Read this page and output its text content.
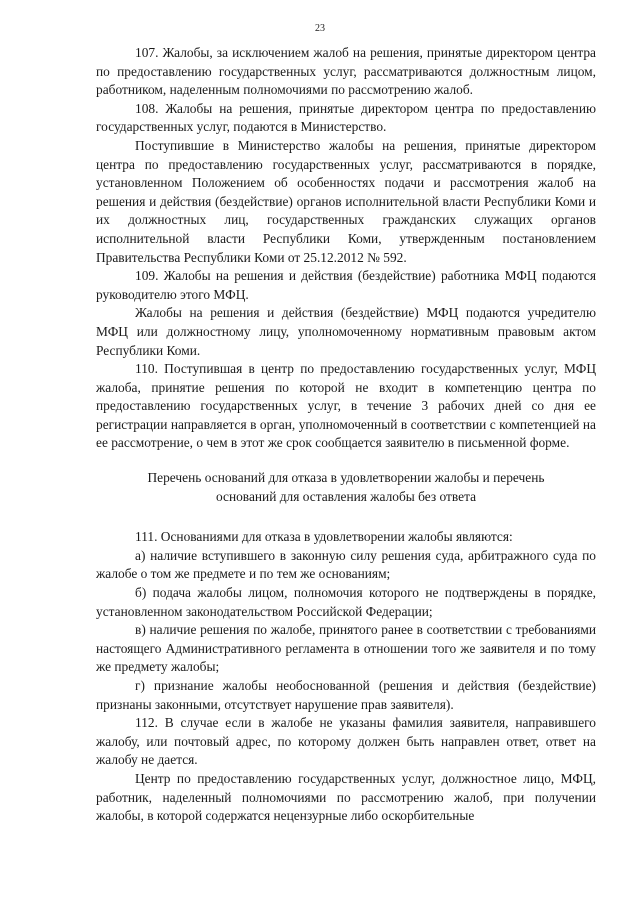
23

107. Жалобы, за исключением жалоб на решения, принятые директором центра по предоставлению государственных услуг, рассматриваются должностным лицом, работником, наделенным полномочиями по рассмотрению жалоб.

108. Жалобы на решения, принятые директором центра по предоставлению государственных услуг, подаются в Министерство.

Поступившие в Министерство жалобы на решения, принятые директором центра по предоставлению государственных услуг, рассматриваются в порядке, установленном Положением об особенностях подачи и рассмотрения жалоб на решения и действия (бездействие) органов исполнительной власти Республики Коми и их должностных лиц, государственных гражданских служащих органов исполнительной власти Республики Коми, утвержденным постановлением Правительства Республики Коми от 25.12.2012 № 592.

109. Жалобы на решения и действия (бездействие) работника МФЦ подаются руководителю этого МФЦ.

Жалобы на решения и действия (бездействие) МФЦ подаются учредителю МФЦ или должностному лицу, уполномоченному нормативным правовым актом Республики Коми.

110. Поступившая в центр по предоставлению государственных услуг, МФЦ жалоба, принятие решения по которой не входит в компетенцию центра по предоставлению государственных услуг, в течение 3 рабочих дней со дня ее регистрации направляется в орган, уполномоченный в соответствии с компетенцией на ее рассмотрение, о чем в этот же срок сообщается заявителю в письменной форме.

Перечень оснований для отказа в удовлетворении жалобы и перечень
оснований для оставления жалобы без ответа

111. Основаниями для отказа в удовлетворении жалобы являются:

а) наличие вступившего в законную силу решения суда, арбитражного суда по жалобе о том же предмете и по тем же основаниям;

б) подача жалобы лицом, полномочия которого не подтверждены в порядке, установленном законодательством Российской Федерации;

в) наличие решения по жалобе, принятого ранее в соответствии с требованиями настоящего Административного регламента в отношении того же заявителя и по тому же предмету жалобы;

г) признание жалобы необоснованной (решения и действия (бездействие) признаны законными, отсутствует нарушение прав заявителя).

112. В случае если в жалобе не указаны фамилия заявителя, направившего жалобу, или почтовый адрес, по которому должен быть направлен ответ, ответ на жалобу не дается.

Центр по предоставлению государственных услуг, должностное лицо, МФЦ, работник, наделенный полномочиями по рассмотрению жалоб, при получении жалобы, в которой содержатся нецензурные либо оскорбительные
